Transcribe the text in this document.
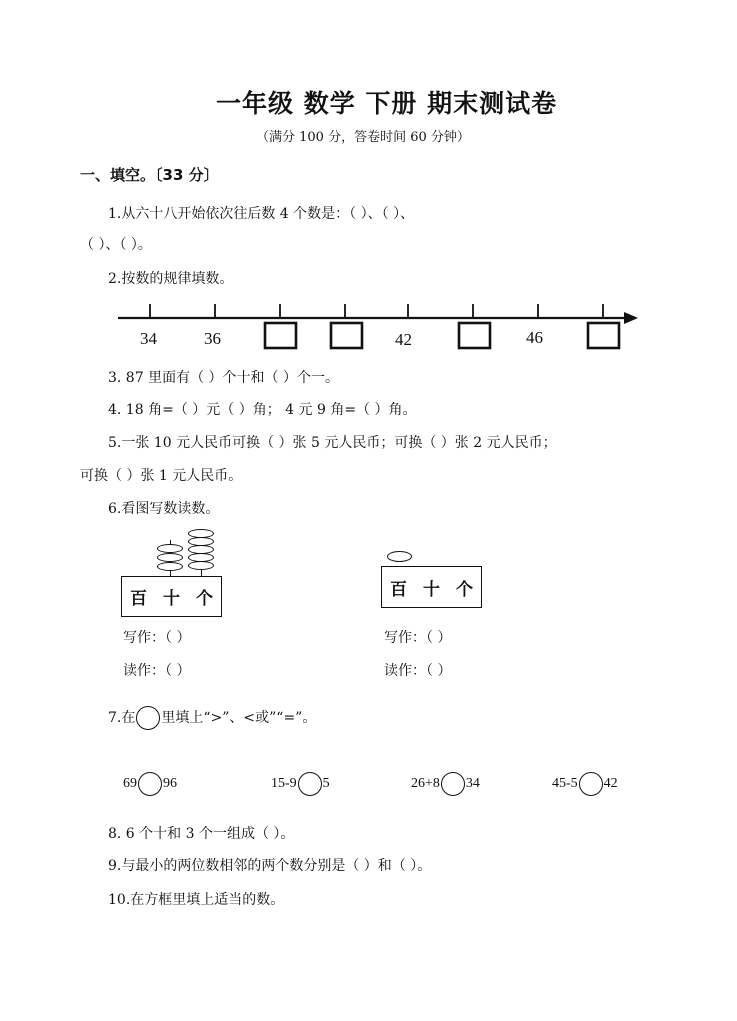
一年级 数学 下册 期末测试卷
（满分 100 分，答卷时间 60 分钟）
一、填空。〔33 分〕
1.从六十八开始依次往后数 4 个数是：（ ）、（ ）、
（ ）、（ ）。
2.按数的规律填数。
34	36	42	46
3. 87 里面有（ ）个十和（ ）个一。
4. 18 角=（ ）元（ ）角； 4 元 9 角=（ ）角。
5.一张 10 元人民币可换（ ）张 5 元人民币；可换（ ）张 2 元人民币；
可换（ ）张 1 元人民币。
6.看图写数读数。
百 十 个	百 十 个
写作：（ ）
读作：（ ）
写作：（ ）
读作：（ ）
7.在 里填上“>”、<或”“=”。
69 96	15-9 5	26+8 34	45-5 42
8. 6 个十和 3 个一组成（ ）。
9.与最小的两位数相邻的两个数分别是（ ）和（ ）。
10.在方框里填上适当的数。
